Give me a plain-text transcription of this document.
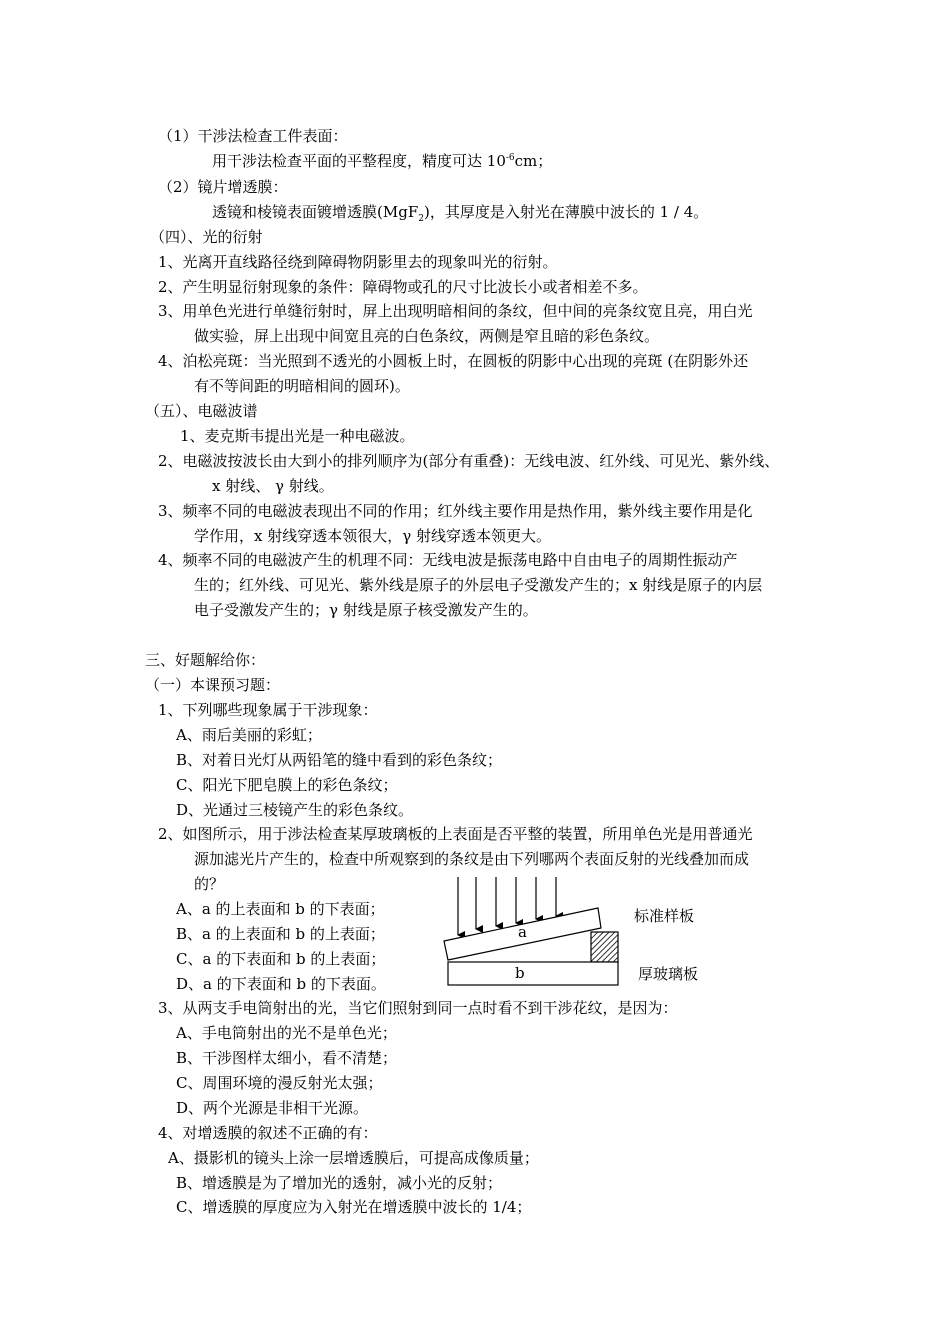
（1）干涉法检查工件表面：
用干涉法检查平面的平整程度，精度可达 $10^{-6}cm$；
（2）镜片增透膜：
透镜和棱镜表面镀增透膜(MgF$_2$)，其厚度是入射光在薄膜中波长的 1 / 4。
（四）、光的衍射
1、光离开直线路径绕到障碍物阴影里去的现象叫光的衍射。
2、产生明显衍射现象的条件：障碍物或孔的尺寸比波长小或者相差不多。
3、用单色光进行单缝衍射时，屏上出现明暗相间的条纹，但中间的亮条纹宽且亮，用白光
做实验，屏上出现中间宽且亮的白色条纹，两侧是窄且暗的彩色条纹。
4、泊松亮斑：当光照到不透光的小圆板上时，在圆板的阴影中心出现的亮斑 (在阴影外还
有不等间距的明暗相间的圆环)。
（五）、电磁波谱
1、麦克斯韦提出光是一种电磁波。
2、电磁波按波长由大到小的排列顺序为(部分有重叠)：无线电波、红外线、可见光、紫外线、
x 射线、 γ 射线。
3、频率不同的电磁波表现出不同的作用；红外线主要作用是热作用，紫外线主要作用是化
学作用，x 射线穿透本领很大，γ 射线穿透本领更大。
4、频率不同的电磁波产生的机理不同：无线电波是振荡电路中自由电子的周期性振动产
生的；红外线、可见光、紫外线是原子的外层电子受激发产生的；x 射线是原子的内层
电子受激发产生的；γ 射线是原子核受激发产生的。
三、好题解给你：
（一）本课预习题：
1、下列哪些现象属于干涉现象：
A、雨后美丽的彩虹；
B、对着日光灯从两铅笔的缝中看到的彩色条纹；
C、阳光下肥皂膜上的彩色条纹；
D、光通过三棱镜产生的彩色条纹。
2、如图所示，用于涉法检查某厚玻璃板的上表面是否平整的装置，所用单色光是用普通光
源加滤光片产生的，检查中所观察到的条纹是由下列哪两个表面反射的光线叠加而成
的？
A、a 的上表面和 b 的下表面；
B、a 的上表面和 b 的上表面；
C、a 的下表面和 b 的上表面；
D、a 的下表面和 b 的下表面。
3、从两支手电筒射出的光，当它们照射到同一点时看不到干涉花纹，是因为：
A、手电筒射出的光不是单色光；
B、干涉图样太细小，看不清楚；
C、周围环境的漫反射光太强；
D、两个光源是非相干光源。
4、对增透膜的叙述不正确的有：
A、摄影机的镜头上涂一层增透膜后，可提高成像质量；
B、增透膜是为了增加光的透射，减小光的反射；
C、增透膜的厚度应为入射光在增透膜中波长的 1/4；
a
b
标准样板
厚玻璃板
